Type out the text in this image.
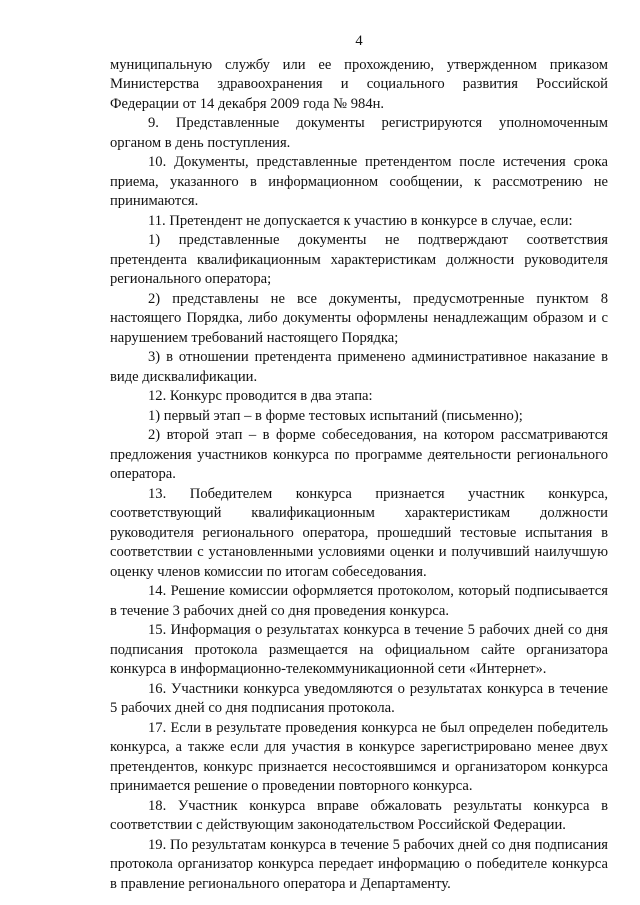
4

муниципальную службу или ее прохождению, утвержденном приказом Министерства здравоохранения и социального развития Российской Федерации от 14 декабря 2009 года № 984н.

9. Представленные документы регистрируются уполномоченным органом в день поступления.

10. Документы, представленные претендентом после истечения срока приема, указанного в информационном сообщении, к рассмотрению не принимаются.

11. Претендент не допускается к участию в конкурсе в случае, если:

1) представленные документы не подтверждают соответствия претендента квалификационным характеристикам должности руководителя регионального оператора;

2) представлены не все документы, предусмотренные пунктом 8 настоящего Порядка, либо документы оформлены ненадлежащим образом и с нарушением требований настоящего Порядка;

3) в отношении претендента применено административное наказание в виде дисквалификации.

12. Конкурс проводится в два этапа:

1) первый этап – в форме тестовых испытаний (письменно);

2) второй этап – в форме собеседования, на котором рассматриваются предложения участников конкурса по программе деятельности регионального оператора.

13. Победителем конкурса признается участник конкурса, соответствующий квалификационным характеристикам должности руководителя регионального оператора, прошедший тестовые испытания в соответствии с установленными условиями оценки и получивший наилучшую оценку членов комиссии по итогам собеседования.

14. Решение комиссии оформляется протоколом, который подписывается в течение 3 рабочих дней со дня проведения конкурса.

15. Информация о результатах конкурса в течение 5 рабочих дней со дня подписания протокола размещается на официальном сайте организатора конкурса в информационно-телекоммуникационной сети «Интернет».

16. Участники конкурса уведомляются о результатах конкурса в течение 5 рабочих дней со дня подписания протокола.

17. Если в результате проведения конкурса не был определен победитель конкурса, а также если для участия в конкурсе зарегистрировано менее двух претендентов, конкурс признается несостоявшимся и организатором конкурса принимается решение о проведении повторного конкурса.

18. Участник конкурса вправе обжаловать результаты конкурса в соответствии с действующим законодательством Российской Федерации.

19. По результатам конкурса в течение 5 рабочих дней со дня подписания протокола организатор конкурса передает информацию о победителе конкурса в правление регионального оператора и Департаменту.
